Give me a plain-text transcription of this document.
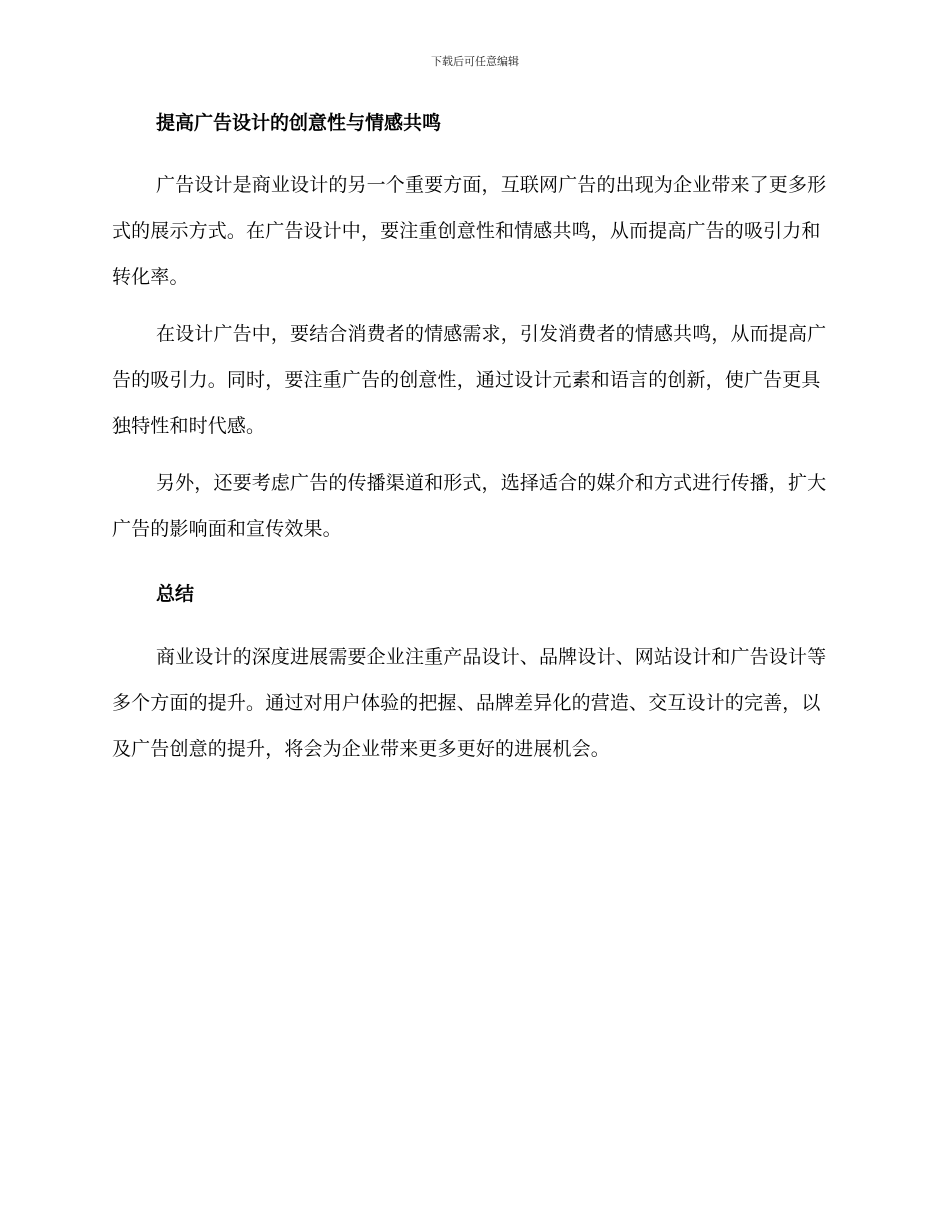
下载后可任意编辑
提高广告设计的创意性与情感共鸣

广告设计是商业设计的另一个重要方面，互联网广告的出现为企业带来了更多形式的展示方式。在广告设计中，要注重创意性和情感共鸣，从而提高广告的吸引力和转化率。

在设计广告中，要结合消费者的情感需求，引发消费者的情感共鸣，从而提高广告的吸引力。同时，要注重广告的创意性，通过设计元素和语言的创新，使广告更具独特性和时代感。

另外，还要考虑广告的传播渠道和形式，选择适合的媒介和方式进行传播，扩大广告的影响面和宣传效果。

总结

商业设计的深度进展需要企业注重产品设计、品牌设计、网站设计和广告设计等多个方面的提升。通过对用户体验的把握、品牌差异化的营造、交互设计的完善，以及广告创意的提升，将会为企业带来更多更好的进展机会。
